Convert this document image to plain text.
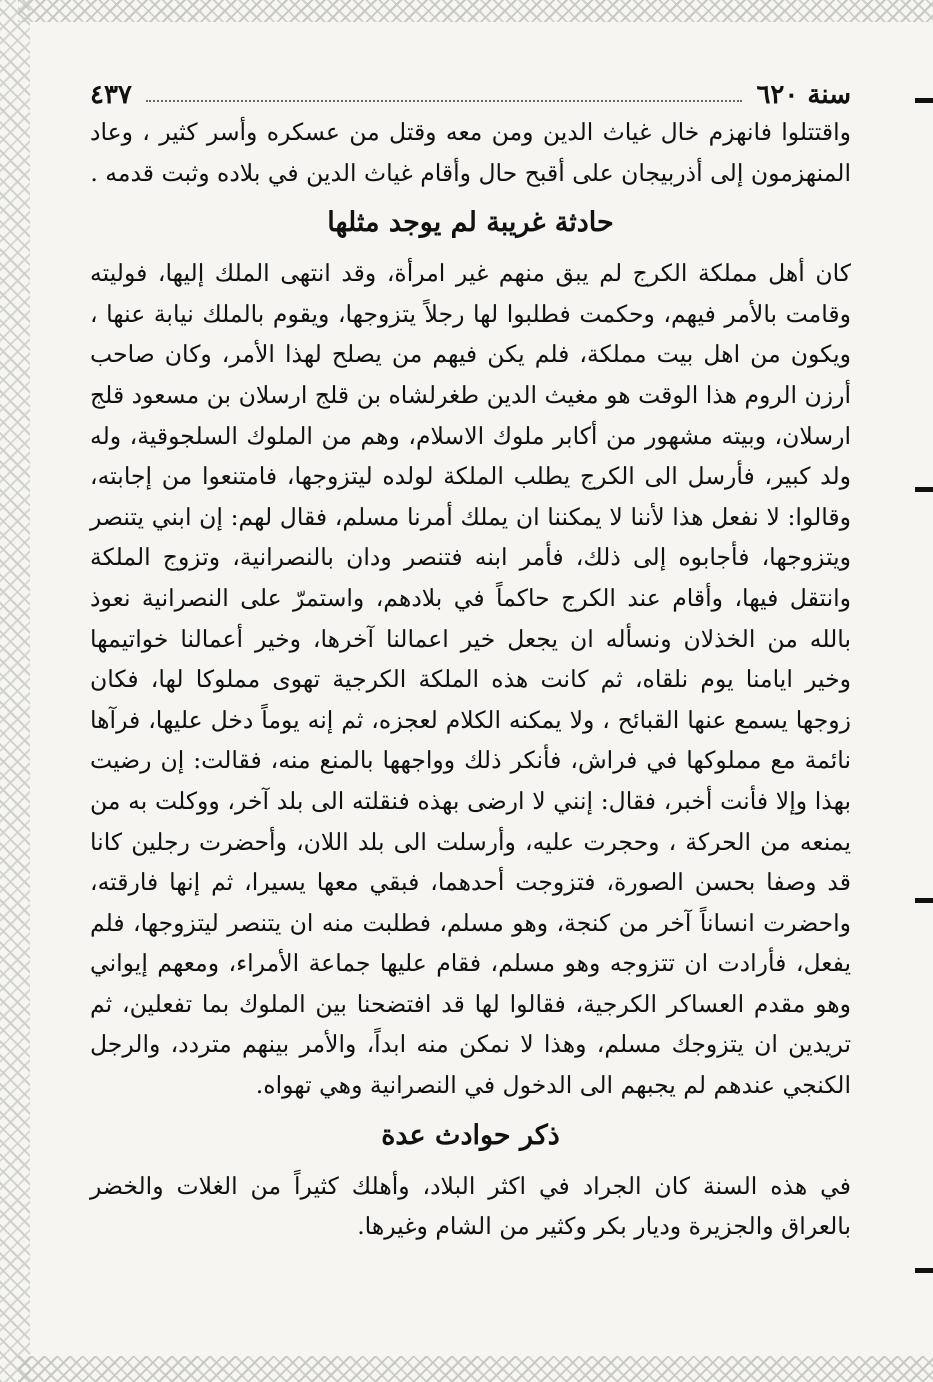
سنة ٦٢٠
٤٣٧

واقتتلوا فانهزم خال غياث الدين ومن معه وقتل من عسكره وأسر كثير ، وعاد المنهزمون إلى أذربيجان على أقبح حال وأقام غياث الدين في بلاده وثبت قدمه .

حادثة غريبة لم يوجد مثلها

كان أهل مملكة الكرج لم يبق منهم غير امرأة، وقد انتهى الملك إليها، فوليته وقامت بالأمر فيهم، وحكمت فطلبوا لها رجلاً يتزوجها، ويقوم بالملك نيابة عنها ، ويكون من اهل بيت مملكة، فلم يكن فيهم من يصلح لهذا الأمر، وكان صاحب أرزن الروم هذا الوقت هو مغيث الدين طغرلشاه بن قلج ارسلان بن مسعود قلج ارسلان، وبيته مشهور من أكابر ملوك الاسلام، وهم من الملوك السلجوقية، وله ولد كبير، فأرسل الى الكرج يطلب الملكة لولده ليتزوجها، فامتنعوا من إجابته، وقالوا: لا نفعل هذا لأننا لا يمكننا ان يملك أمرنا مسلم، فقال لهم: إن ابني يتنصر ويتزوجها، فأجابوه إلى ذلك، فأمر ابنه فتنصر ودان بالنصرانية، وتزوج الملكة وانتقل فيها، وأقام عند الكرج حاكماً في بلادهم، واستمرّ على النصرانية نعوذ بالله من الخذلان ونسأله ان يجعل خير اعمالنا آخرها، وخير أعمالنا خواتيمها وخير ايامنا يوم نلقاه، ثم كانت هذه الملكة الكرجية تهوى مملوكا لها، فكان زوجها يسمع عنها القبائح ، ولا يمكنه الكلام لعجزه، ثم إنه يوماً دخل عليها، فرآها نائمة مع مملوكها في فراش، فأنكر ذلك وواجهها بالمنع منه، فقالت: إن رضيت بهذا وإلا فأنت أخبر، فقال: إنني لا ارضى بهذه فنقلته الى بلد آخر، ووكلت به من يمنعه من الحركة ، وحجرت عليه، وأرسلت الى بلد اللان، وأحضرت رجلين كانا قد وصفا بحسن الصورة، فتزوجت أحدهما، فبقي معها يسيرا، ثم إنها فارقته، واحضرت انساناً آخر من كنجة، وهو مسلم، فطلبت منه ان يتنصر ليتزوجها، فلم يفعل، فأرادت ان تتزوجه وهو مسلم، فقام عليها جماعة الأمراء، ومعهم إيواني وهو مقدم العساكر الكرجية، فقالوا لها قد افتضحنا بين الملوك بما تفعلين، ثم تريدين ان يتزوجك مسلم، وهذا لا نمكن منه ابداً، والأمر بينهم متردد، والرجل الكنجي عندهم لم يجبهم الى الدخول في النصرانية وهي تهواه.

ذكر حوادث عدة

في هذه السنة كان الجراد في اكثر البلاد، وأهلك كثيراً من الغلات والخضر بالعراق والجزيرة وديار بكر وكثير من الشام وغيرها.
